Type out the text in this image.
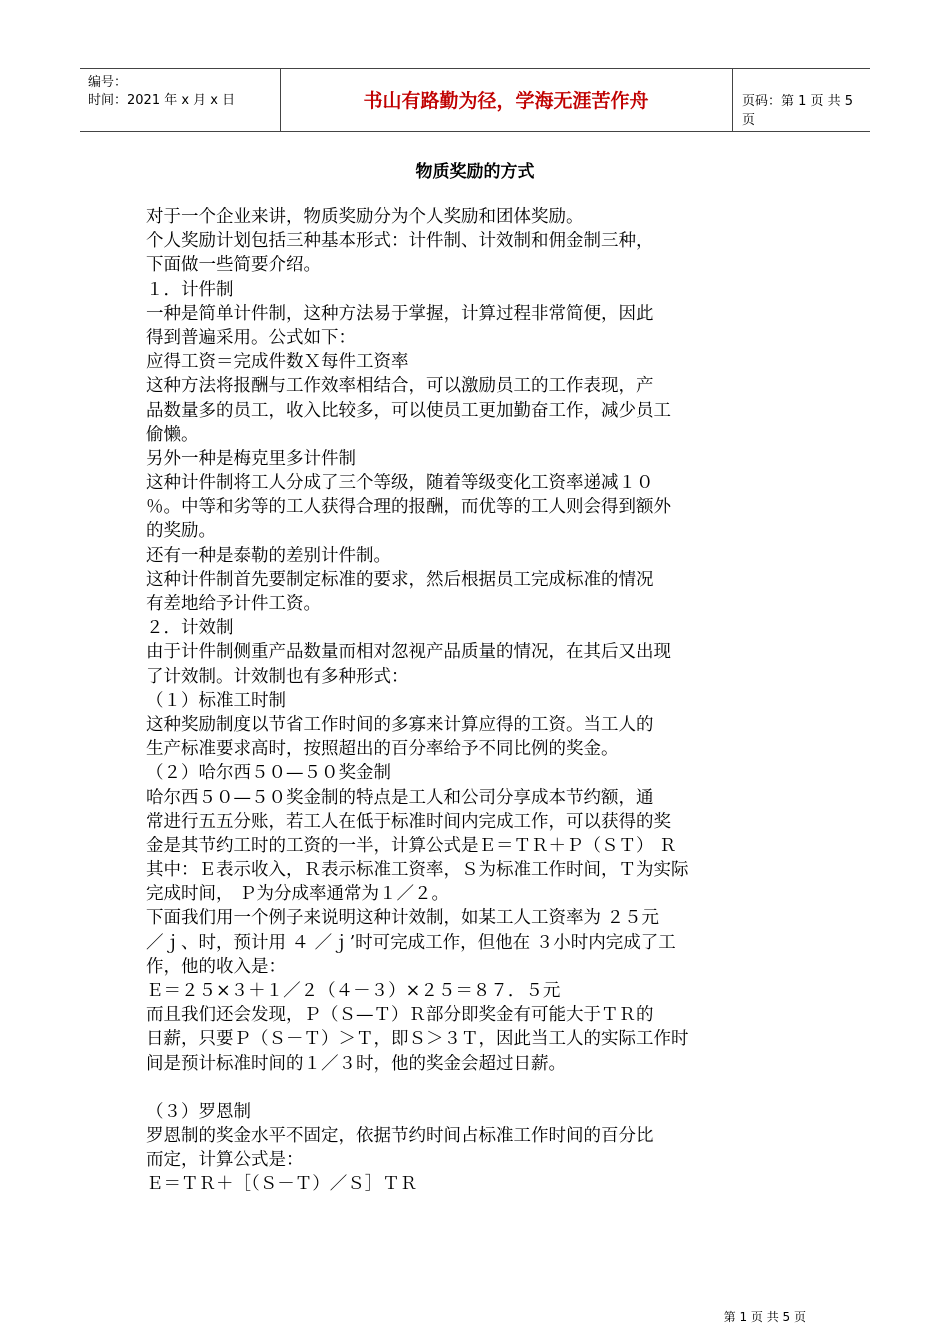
编号：
时间：2021 年 x 月 x 日	书山有路勤为径，学海无涯苦作舟	页码：第 1 页 共 5 页
物质奖励的方式
对于一个企业来讲，物质奖励分为个人奖励和团体奖励。
个人奖励计划包括三种基本形式：计件制、计效制和佣金制三种，
下面做一些简要介绍。
１．计件制
一种是简单计件制，这种方法易于掌握，计算过程非常简便，因此
得到普遍采用。公式如下：
应得工资＝完成件数Ｘ每件工资率
这种方法将报酬与工作效率相结合，可以激励员工的工作表现，产
品数量多的员工，收入比较多，可以使员工更加勤奋工作，减少员工
偷懒。
另外一种是梅克里多计件制
这种计件制将工人分成了三个等级，随着等级变化工资率递减１０
％。中等和劣等的工人获得合理的报酬，而优等的工人则会得到额外
的奖励。
还有一种是泰勒的差别计件制。
这种计件制首先要制定标准的要求，然后根据员工完成标准的情况
有差地给予计件工资。
２．计效制
由于计件制侧重产品数量而相对忽视产品质量的情况，在其后又出现
了计效制。计效制也有多种形式：
（１）标准工时制
这种奖励制度以节省工作时间的多寡来计算应得的工资。当工人的
生产标准要求高时，按照超出的百分率给予不同比例的奖金。
（２）哈尔西５０—５０奖金制
哈尔西５０—５０奖金制的特点是工人和公司分享成本节约额，通
常进行五五分账，若工人在低于标准时间内完成工作，可以获得的奖
金是其节约工时的工资的一半，计算公式是Ｅ＝ＴＲ＋Ｐ（ＳＴ） Ｒ
其中：Ｅ表示收入，Ｒ表示标准工资率，Ｓ为标准工作时间，Ｔ为实际
完成时间， Ｐ为分成率通常为１／２。
下面我们用一个例子来说明这种计效制，如某工人工资率为 ２５元
／ｊ、时，预计用 ４ ／ｊ’时可完成工作，但他在 ３小时内完成了工
作，他的收入是：
Ｅ＝２５×３＋１／２（４－３）×２５＝８７．５元
而且我们还会发现，Ｐ（Ｓ—Ｔ）Ｒ部分即奖金有可能大于ＴＲ的
日薪，只要Ｐ（Ｓ－Ｔ）＞Ｔ，即Ｓ＞３Ｔ，因此当工人的实际工作时
间是预计标准时间的１／３时，他的奖金会超过日薪。
（３）罗恩制
罗恩制的奖金水平不固定，依据节约时间占标准工作时间的百分比
而定，计算公式是：
Ｅ＝ＴＲ＋［（Ｓ－Ｔ）／Ｓ］ＴＲ
第 1 页 共 5 页
